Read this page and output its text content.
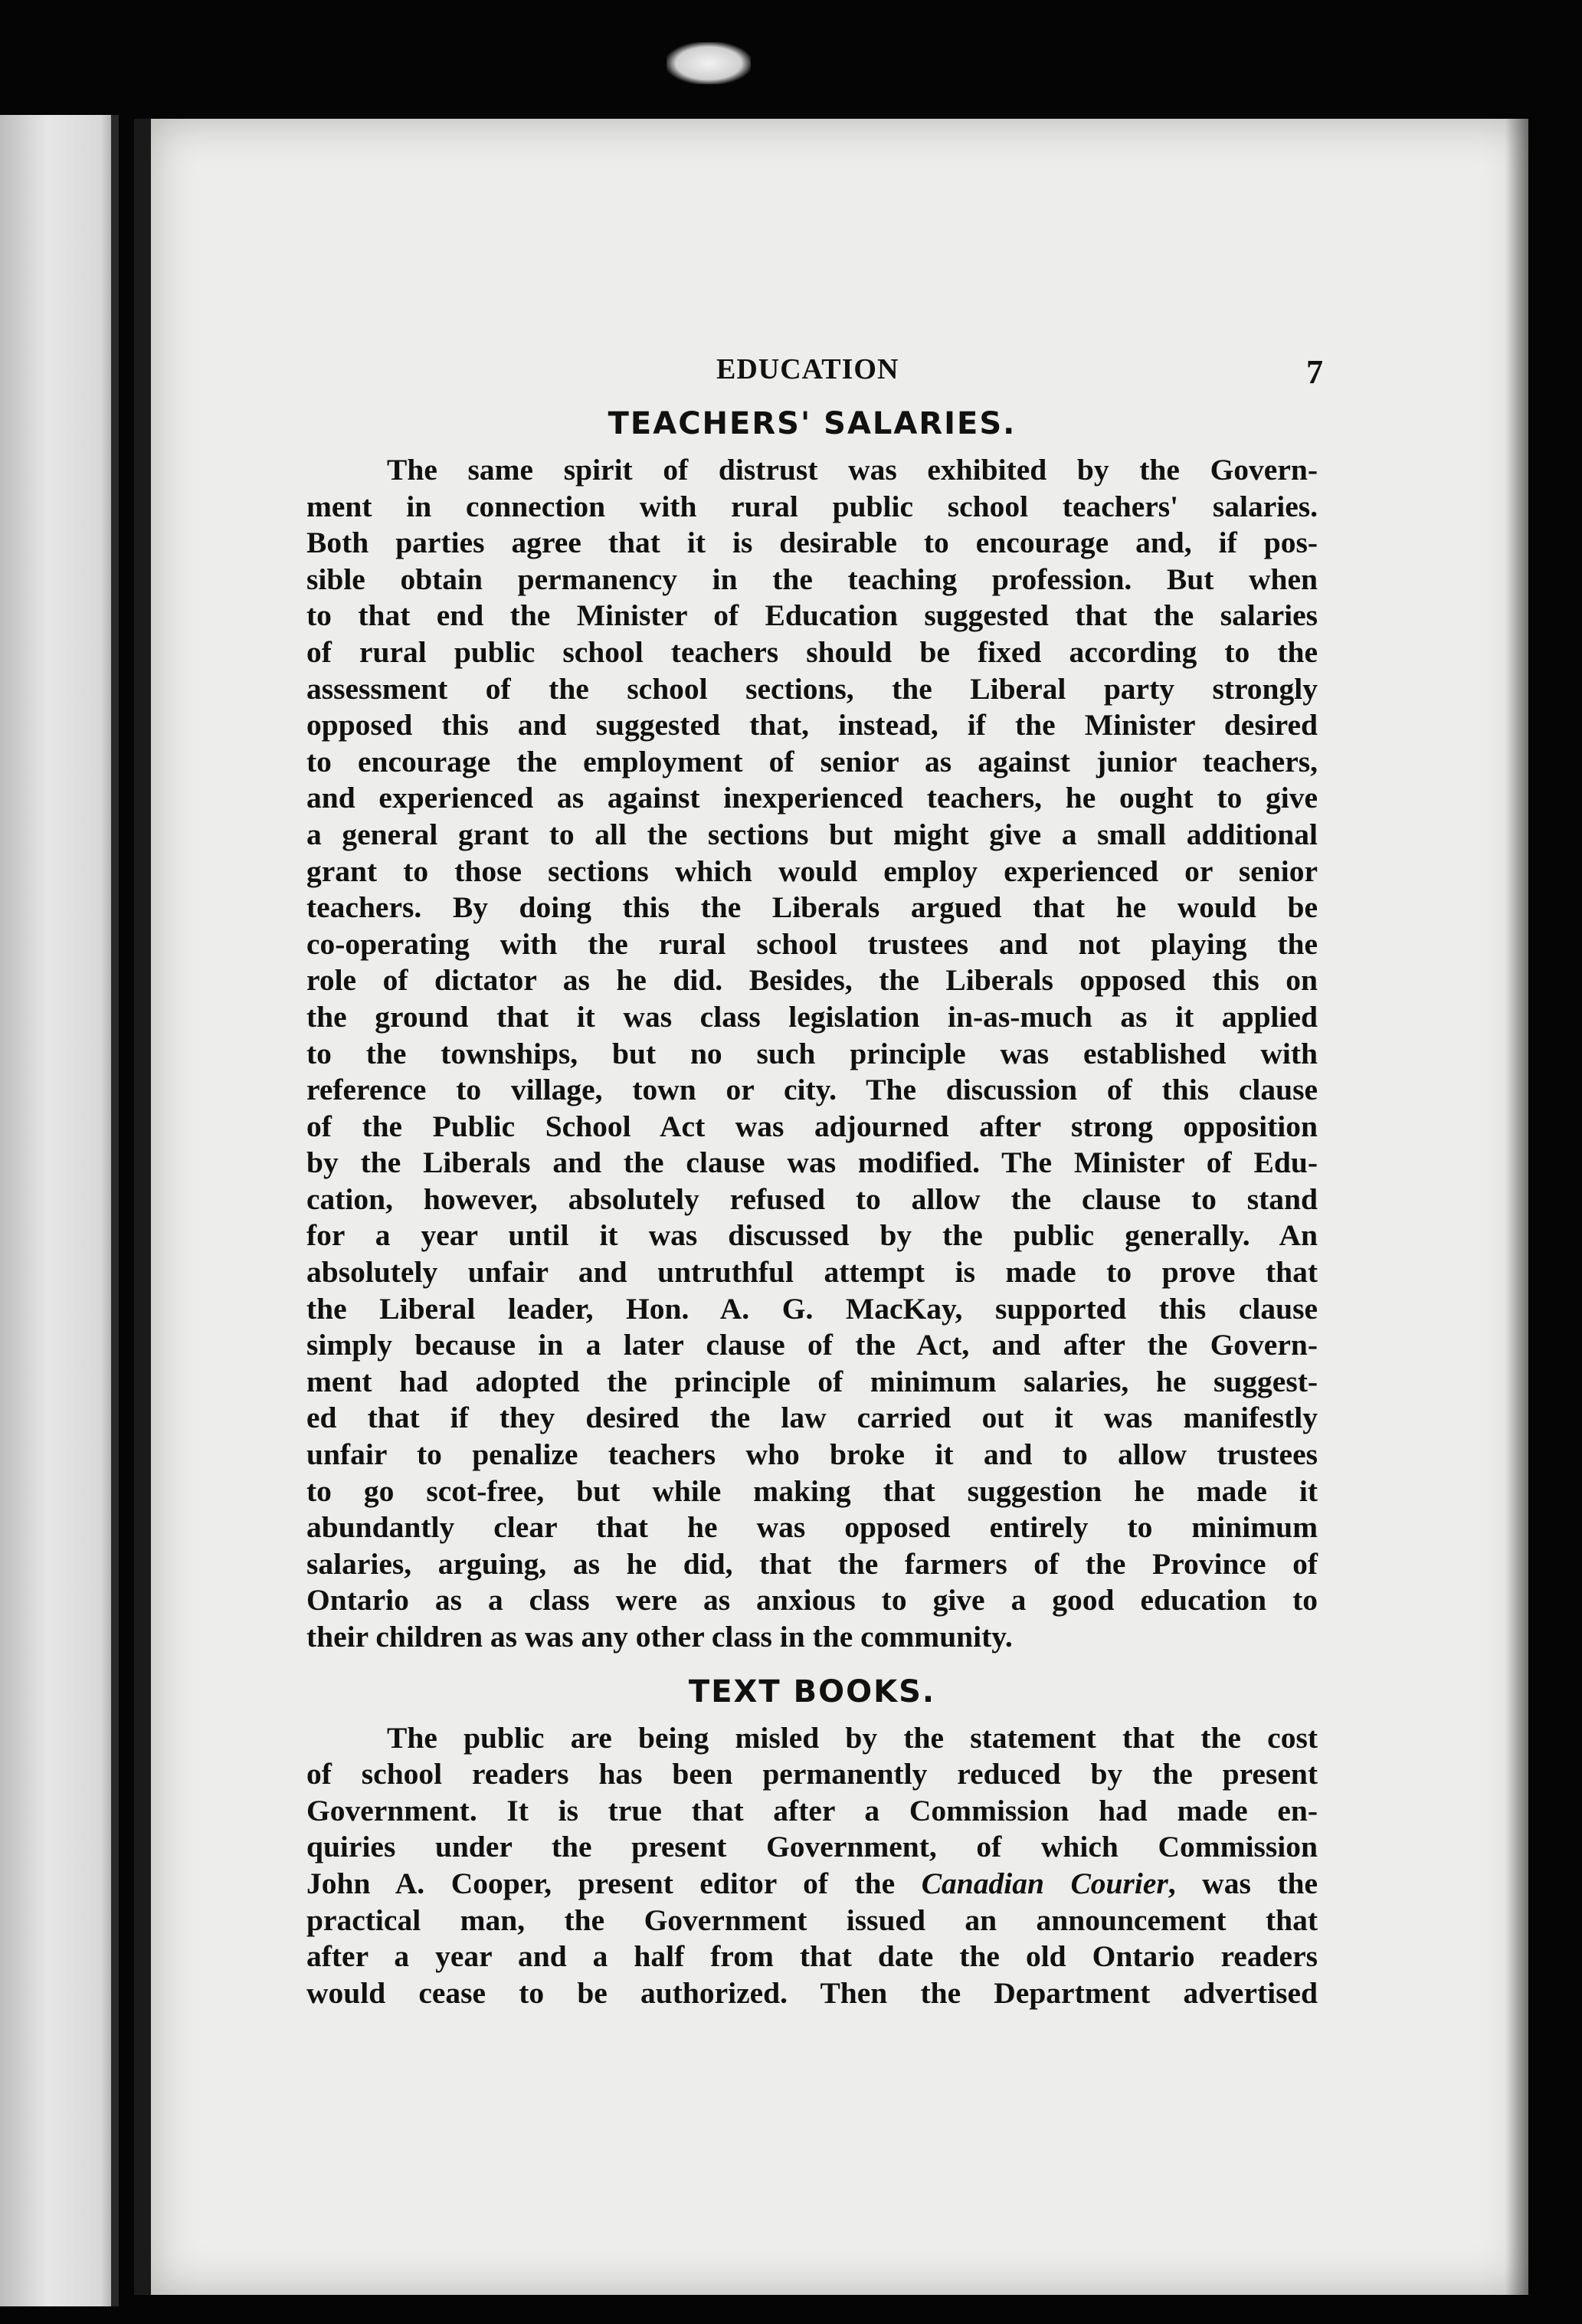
EDUCATION	7
TEACHERS' SALARIES.

The same spirit of distrust was exhibited by the Govern-
ment in connection with rural public school teachers' salaries.
Both parties agree that it is desirable to encourage and, if pos-
sible obtain permanency in the teaching profession. But when
to that end the Minister of Education suggested that the salaries
of rural public school teachers should be fixed according to the
assessment of the school sections, the Liberal party strongly
opposed this and suggested that, instead, if the Minister desired
to encourage the employment of senior as against junior teachers,
and experienced as against inexperienced teachers, he ought to give
a general grant to all the sections but might give a small additional
grant to those sections which would employ experienced or senior
teachers. By doing this the Liberals argued that he would be
co-operating with the rural school trustees and not playing the
role of dictator as he did. Besides, the Liberals opposed this on
the ground that it was class legislation in-as-much as it applied
to the townships, but no such principle was established with
reference to village, town or city. The discussion of this clause
of the Public School Act was adjourned after strong opposition
by the Liberals and the clause was modified. The Minister of Edu-
cation, however, absolutely refused to allow the clause to stand
for a year until it was discussed by the public generally. An
absolutely unfair and untruthful attempt is made to prove that
the Liberal leader, Hon. A. G. MacKay, supported this clause
simply because in a later clause of the Act, and after the Govern-
ment had adopted the principle of minimum salaries, he suggest-
ed that if they desired the law carried out it was manifestly
unfair to penalize teachers who broke it and to allow trustees
to go scot-free, but while making that suggestion he made it
abundantly clear that he was opposed entirely to minimum
salaries, arguing, as he did, that the farmers of the Province of
Ontario as a class were as anxious to give a good education to
their children as was any other class in the community.

TEXT BOOKS.

The public are being misled by the statement that the cost
of school readers has been permanently reduced by the present
Government. It is true that after a Commission had made en-
quiries under the present Government, of which Commission
John A. Cooper, present editor of the Canadian Courier, was the
practical man, the Government issued an announcement that
after a year and a half from that date the old Ontario readers
would cease to be authorized. Then the Department advertised
